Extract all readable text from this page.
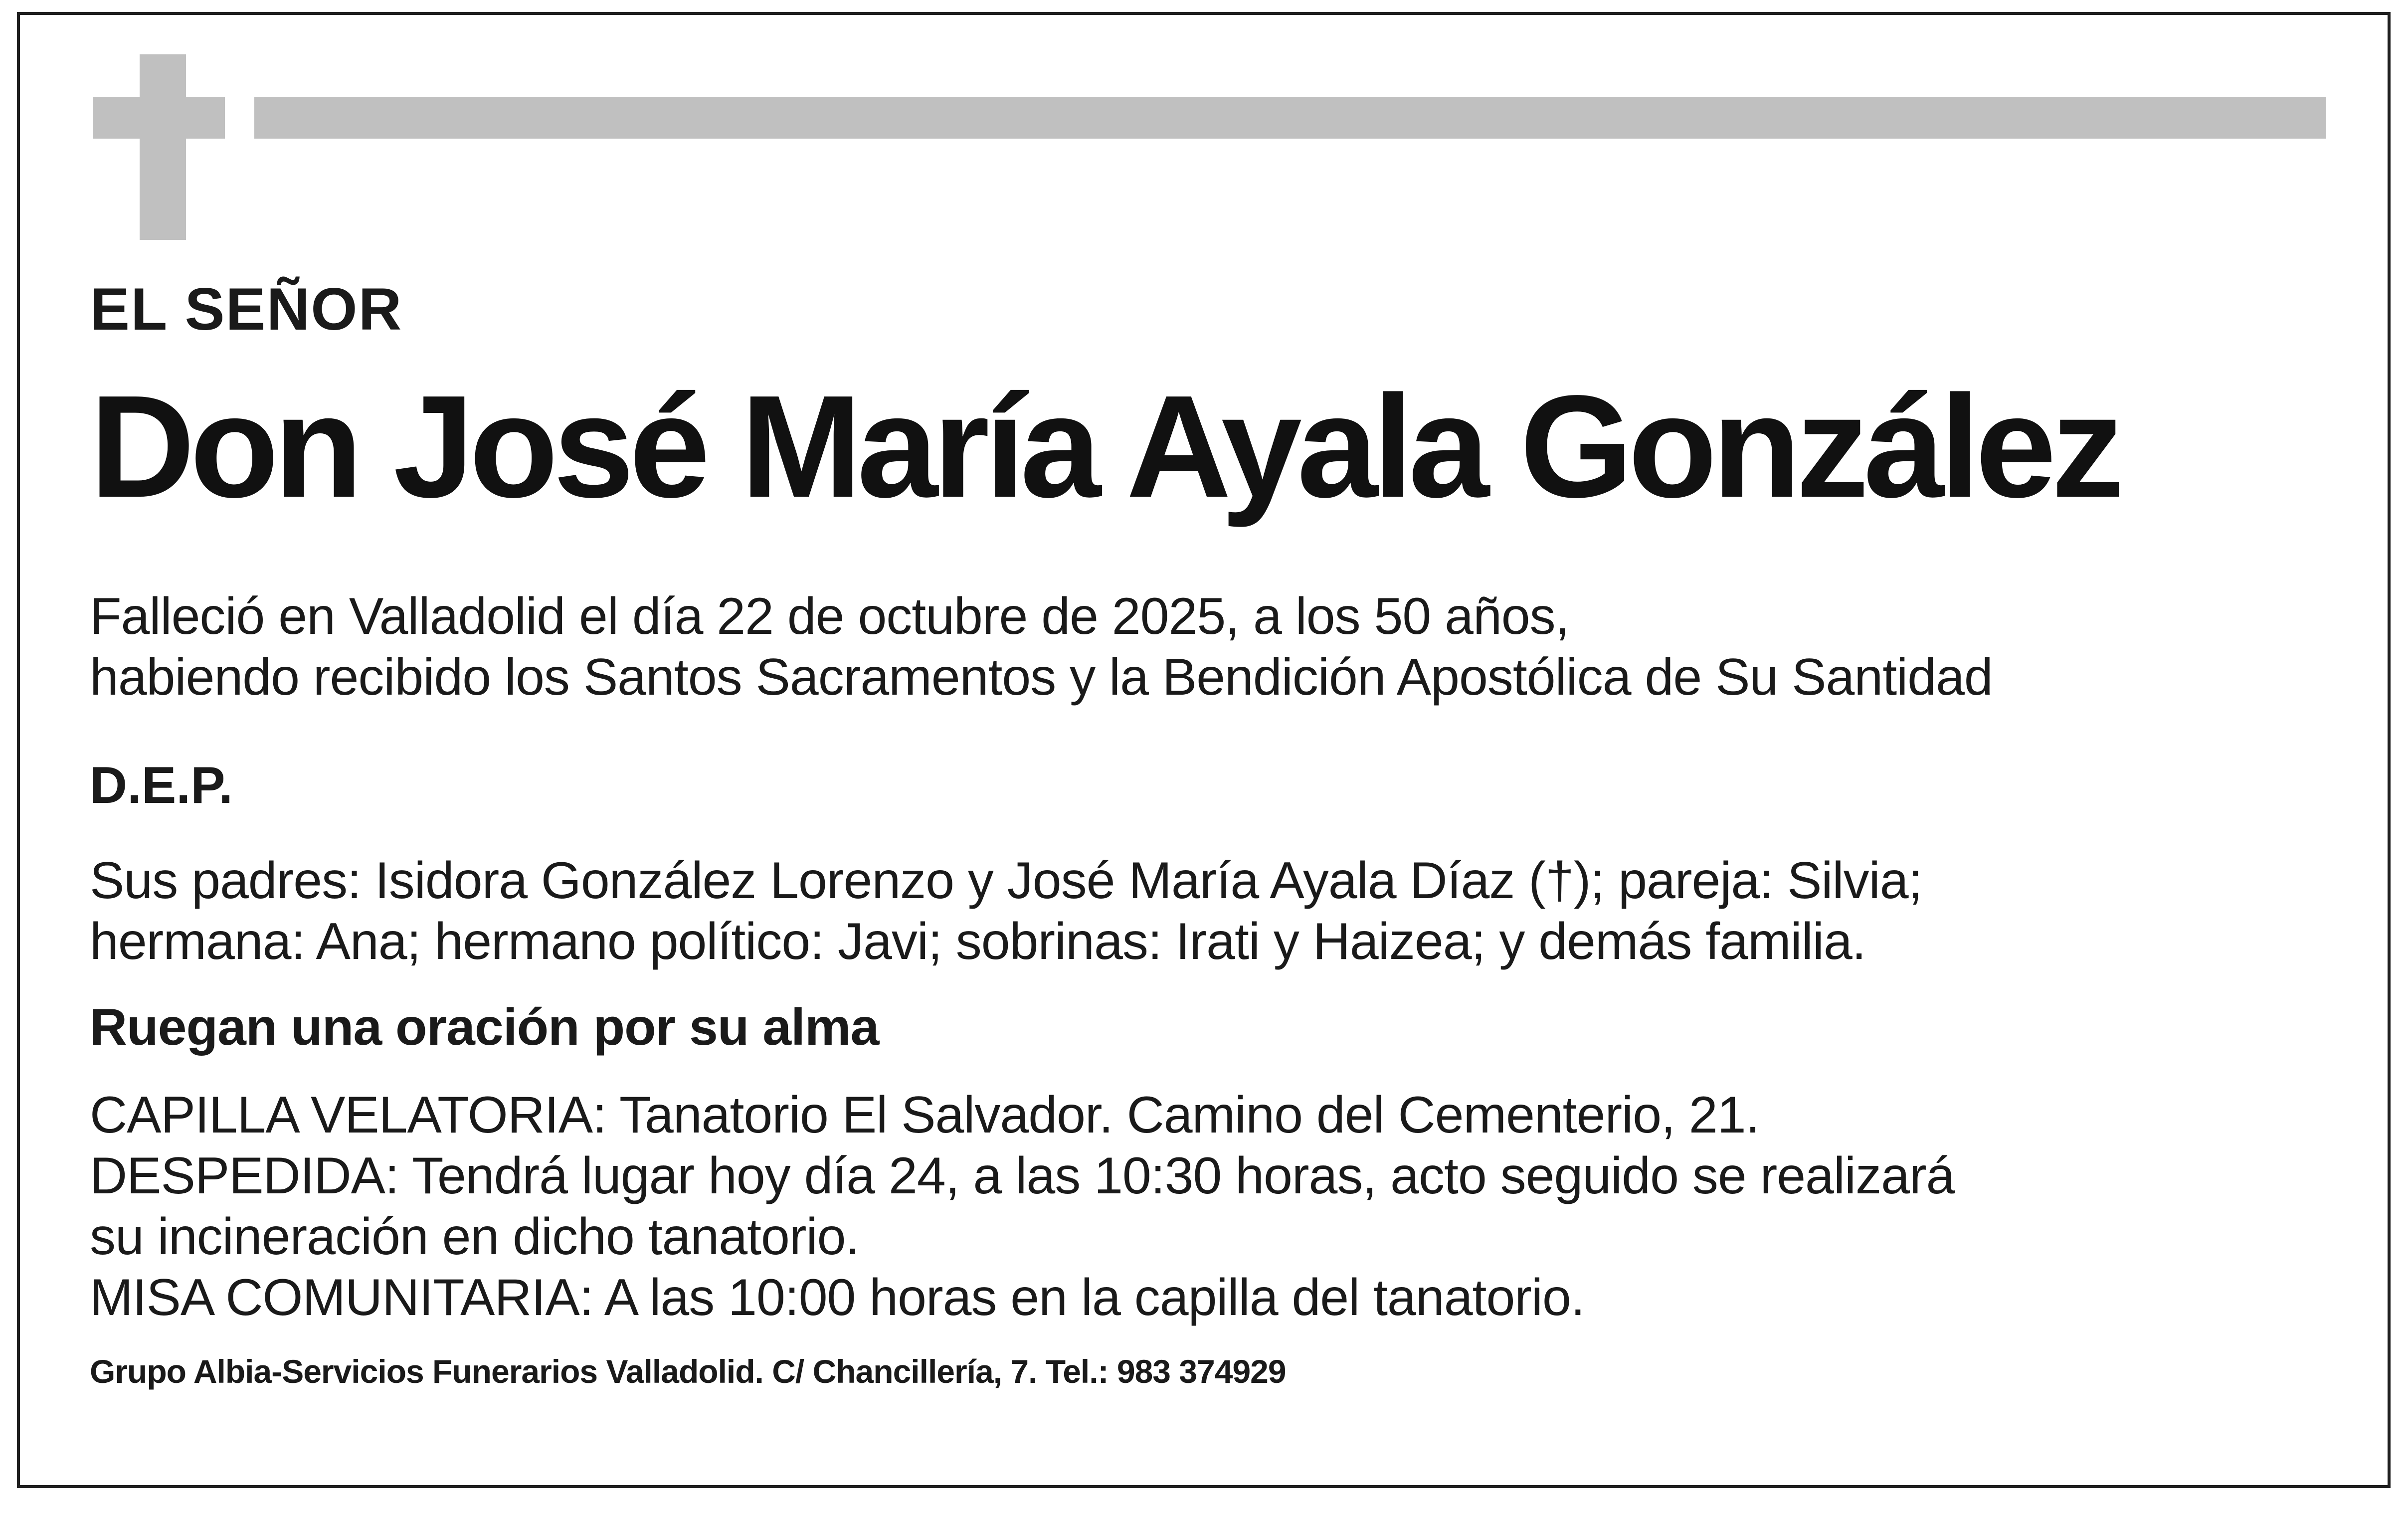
EL SEÑOR
Don José María Ayala González
Falleció en Valladolid el día 22 de octubre de 2025, a los 50 años,
habiendo recibido los Santos Sacramentos y la Bendición Apostólica de Su Santidad
D.E.P.
Sus padres: Isidora González Lorenzo y José María Ayala Díaz (†); pareja: Silvia;
hermana: Ana; hermano político: Javi; sobrinas: Irati y Haizea; y demás familia.
Ruegan una oración por su alma
CAPILLA VELATORIA: Tanatorio El Salvador. Camino del Cementerio, 21.
DESPEDIDA: Tendrá lugar hoy día 24, a las 10:30 horas, acto seguido se realizará
su incineración en dicho tanatorio.
MISA COMUNITARIA: A las 10:00 horas en la capilla del tanatorio.
Grupo Albia-Servicios Funerarios Valladolid. C/ Chancillería, 7. Tel.: 983 374929
